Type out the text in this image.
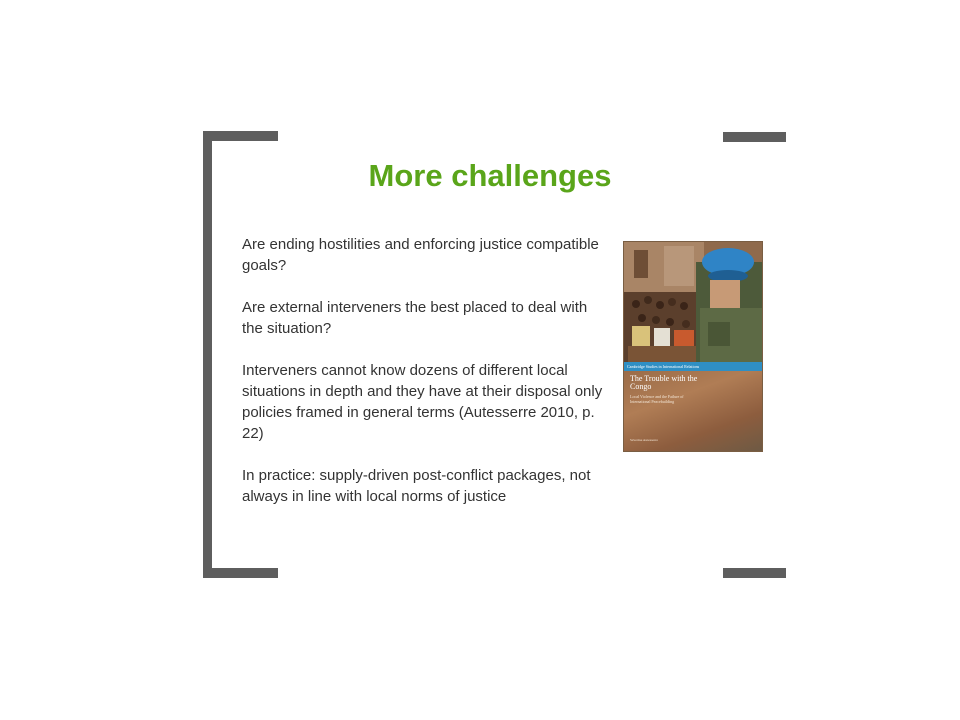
More challenges

Are ending hostilities and enforcing justice compatible goals?

Are external interveners the best placed to deal with the situation?

Interveners cannot know dozens of different local situations in depth and they have at their disposal only policies framed in general terms (Autesserre 2010, p. 22)

In practice: supply-driven post-conflict packages, not always in line with local norms of justice

Cambridge Studies in International Relations
The Trouble with the Congo
Local Violence and the Failure of International Peacebuilding
Séverine Autesserre
